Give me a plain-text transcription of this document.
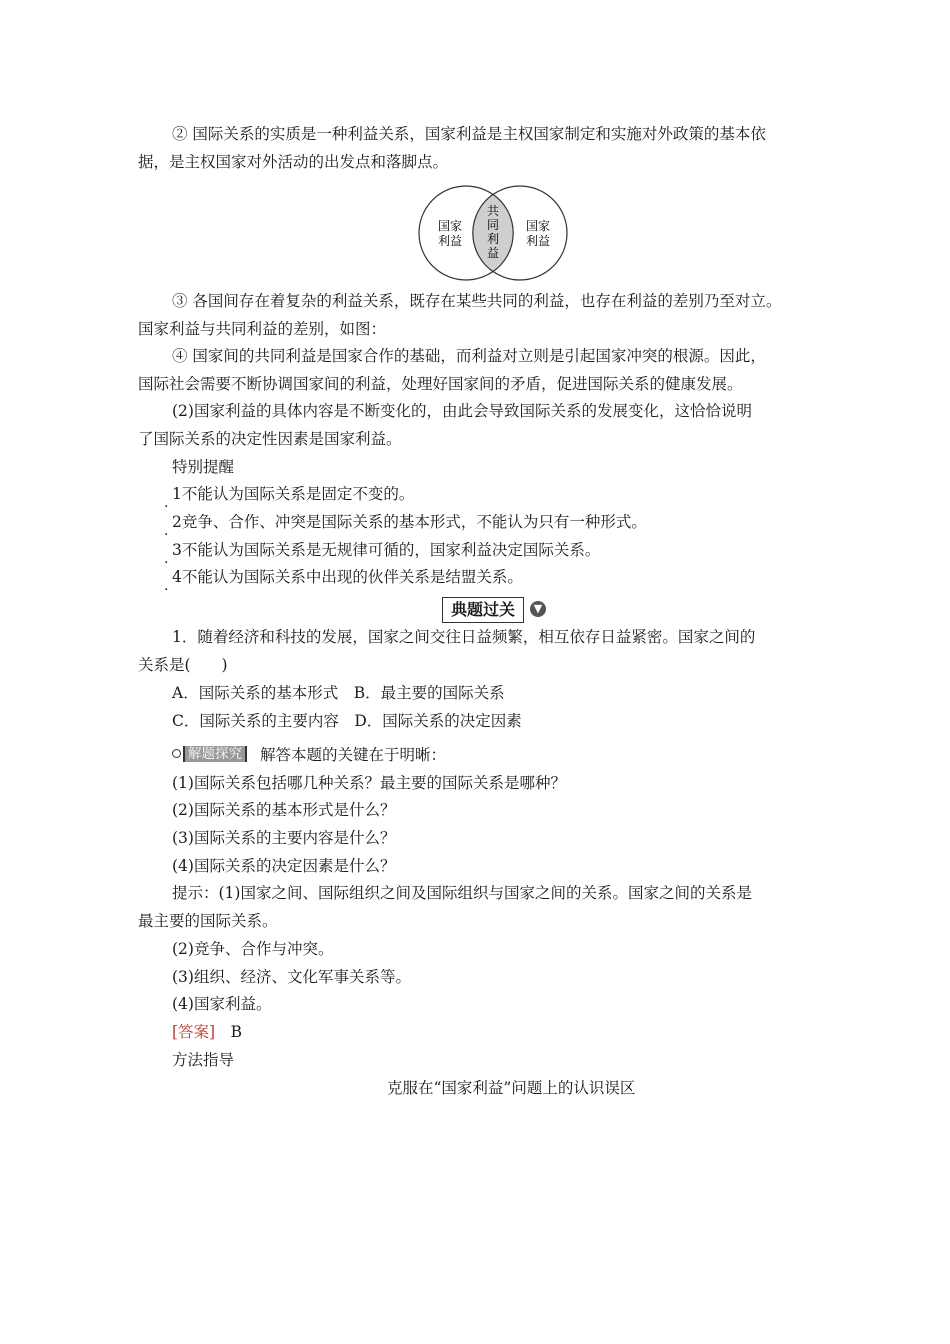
② 国际关系的实质是一种利益关系，国家利益是主权国家制定和实施对外政策的基本依
据，是主权国家对外活动的出发点和落脚点。
国家
利益
共
同
利
益
国家
利益
③ 各国间存在着复杂的利益关系，既存在某些共同的利益，也存在利益的差别乃至对立。
国家利益与共同利益的差别，如图：
④ 国家间的共同利益是国家合作的基础，而利益对立则是引起国家冲突的根源。因此，
国际社会需要不断协调国家间的利益，处理好国家间的矛盾，促进国际关系的健康发展。
(2)国家利益的具体内容是不断变化的，由此会导致国际关系的发展变化，这恰恰说明
了国际关系的决定性因素是国家利益。
特别提醒
. 1不能认为国际关系是固定不变的。
. 2竞争、合作、冲突是国际关系的基本形式，不能认为只有一种形式。
. 3不能认为国际关系是无规律可循的，国家利益决定国际关系。
. 4不能认为国际关系中出现的伙伴关系是结盟关系。
典题过关	▼
1．随着经济和科技的发展，国家之间交往日益频繁，相互依存日益紧密。国家之间的
关系是(　　)
A．国际关系的基本形式　B．最主要的国际关系
C．国际关系的主要内容　D．国际关系的决定因素
解题探究	解答本题的关键在于明晰：
(1)国际关系包括哪几种关系？最主要的国际关系是哪种？
(2)国际关系的基本形式是什么？
(3)国际关系的主要内容是什么？
(4)国际关系的决定因素是什么？
提示：(1)国家之间、国际组织之间及国际组织与国家之间的关系。国家之间的关系是
最主要的国际关系。
(2)竞争、合作与冲突。
(3)组织、经济、文化军事关系等。
(4)国家利益。
[答案]  B
方法指导
克服在“国家利益”问题上的认识误区
